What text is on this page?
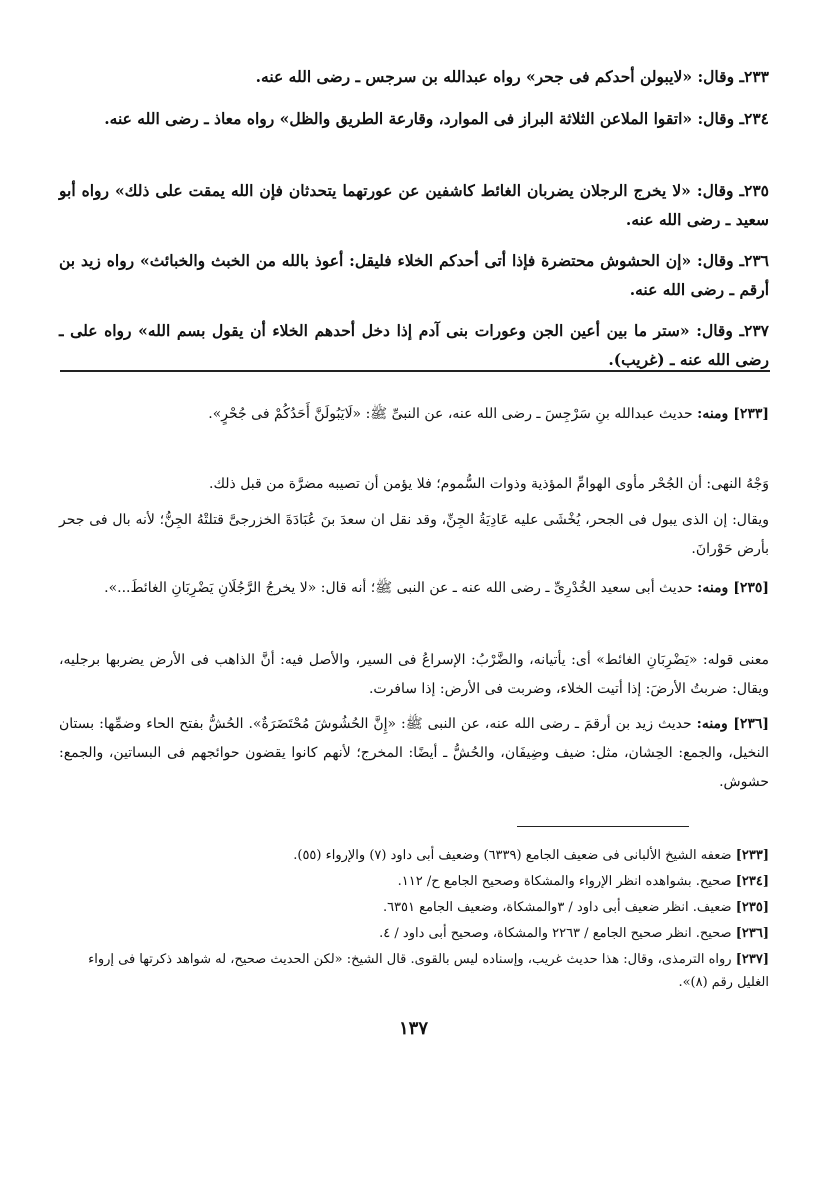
٢٣٣ـ وقال: «لايبولن أحدكم فى جحر» رواه عبدالله بن سرجس ـ رضى الله عنه.
٢٣٤ـ وقال: «اتقوا الملاعن الثلاثة البراز فى الموارد، وقارعة الطريق والظل» رواه معاذ ـ رضى الله عنه.
٢٣٥ـ وقال: «لا يخرج الرجلان يضربان الغائط كاشفين عن عورتهما يتحدثان فإن الله يمقت على ذلك» رواه أبو سعيد ـ رضى الله عنه.
٢٣٦ـ وقال: «إن الحشوش محتضرة فإذا أتى أحدكم الخلاء فليقل: أعوذ بالله من الخبث والخبائث» رواه زيد بن أرقم ـ رضى الله عنه.
٢٣٧ـ وقال: «ستر ما بين أعين الجن وعورات بنى آدم إذا دخل أحدهم الخلاء أن يقول بسم الله» رواه على ـ رضى الله عنه ـ (غريب).
[٢٣٣] ومنه: حديث عبدالله بنِ سَرْجِسَ ـ رضى الله عنه، عن النبىِّ ﷺ: «لَايَبُولَنَّ أَحَدُكُمْ فى جُحْرٍ».
وَجْهُ النهى: أن الجُحْر مأوى الهوامِّ المؤذية وذوات السُّموم؛ فلا يؤمن أن تصيبه مضرَّة من قبل ذلك.
ويقال: إن الذى يبول فى الجحر، يُخْشَى عليه عَادِيَةُ الجِنِّ، وقد نقل ان سعدَ بنَ عُبَادَةَ الخزرجىَّ قتلتْهُ الجِنُّ؛ لأنه بال فى جحر بأرض حَوْرانَ.
[٢٣٥] ومنه: حديث أبى سعيد الخُدْرِىِّ ـ رضى الله عنه ـ عن النبى ﷺ؛ أنه قال: «لا يخرجُ الرَّجُلَانِ يَضْرِبَانِ الغائطَ...».
معنى قوله: «يَضْرِبَانِ الغائط» أى: يأتيانه، والضَّرْبُ: الإسراعُ فى السير، والأصل فيه: أنَّ الذاهب فى الأرض يضربها برجليه، ويقال: ضربتُ الأرضَ: إذا أتيت الخلاء، وضربت فى الأرض: إذا سافرت.
[٢٣٦] ومنه: حديث زيد بن أرقمَ ـ رضى الله عنه، عن النبى ﷺ: «إِنَّ الحُشُوشَ مُحْتَضَرَةٌ». الحُشُّ بفتح الحاء وضمِّها: بستان النخيل، والجمع: الحِشان، مثل: ضيف وضِيفَان، والحُشُّ ـ أيضًا: المخرج؛ لأنهم كانوا يقضون حوائجهم فى البساتين، والجمع: حشوش.
[٢٣٣] ضعفه الشيخ الألبانى فى ضعيف الجامع (٦٣٣٩) وضعيف أبى داود (٧) والإرواء (٥٥).
[٢٣٤] صحيح. بشواهده انظر الإرواء والمشكاة وصحيح الجامع ح/ ١١٢.
[٢٣٥] ضعيف. انظر ضعيف أبى داود / ٣والمشكاة، وضعيف الجامع ٦٣٥١.
[٢٣٦] صحيح. انظر صحيح الجامع / ٢٢٦٣ والمشكاة، وصحيح أبى داود / ٤.
[٢٣٧] رواه الترمذى، وقال: هذا حديث غريب، وإسناده ليس بالقوى. قال الشيخ: «لكن الحديث صحيح، له شواهد ذكرتها فى إرواء الغليل رقم (٨)».
١٣٧
